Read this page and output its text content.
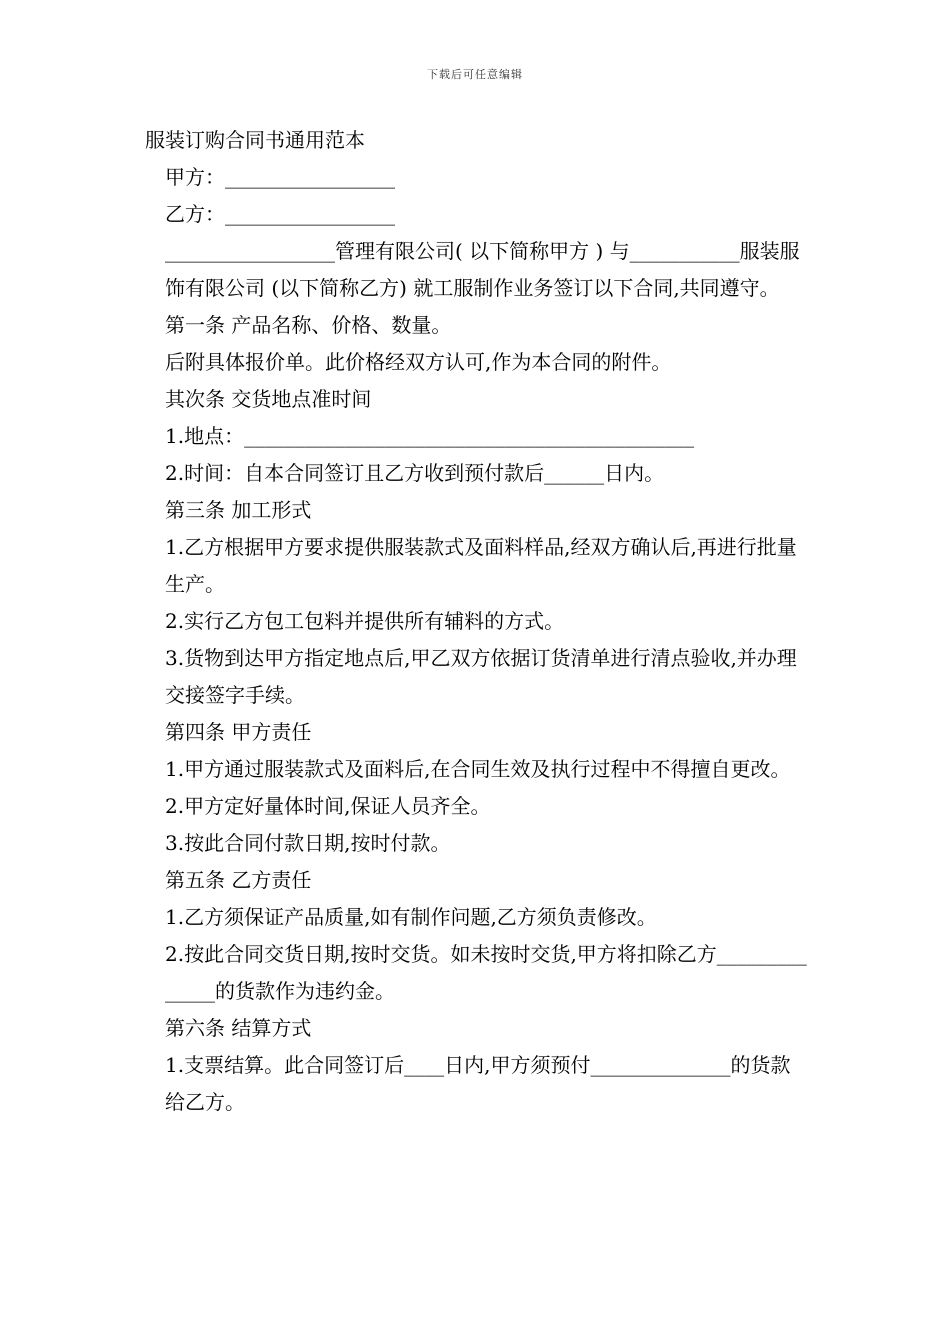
下载后可任意编辑

服装订购合同书通用范本

甲方：_________________

乙方：_________________

_________________管理有限公司( 以下简称甲方 ) 与___________服装服饰有限公司 (以下简称乙方) 就工服制作业务签订以下合同,共同遵守。

第一条 产品名称、价格、数量。

后附具体报价单。此价格经双方认可,作为本合同的附件。

其次条 交货地点准时间

1.地点：_____________________________________________

2.时间：自本合同签订且乙方收到预付款后______日内。

第三条 加工形式

1.乙方根据甲方要求提供服装款式及面料样品,经双方确认后,再进行批量生产。

2.实行乙方包工包料并提供所有辅料的方式。

3.货物到达甲方指定地点后,甲乙双方依据订货清单进行清点验收,并办理交接签字手续。

第四条 甲方责任

1.甲方通过服装款式及面料后,在合同生效及执行过程中不得擅自更改。

2.甲方定好量体时间,保证人员齐全。

3.按此合同付款日期,按时付款。

第五条 乙方责任

1.乙方须保证产品质量,如有制作问题,乙方须负责修改。

2.按此合同交货日期,按时交货。如未按时交货,甲方将扣除乙方______________的货款作为违约金。

第六条 结算方式

1.支票结算。此合同签订后____日内,甲方须预付______________的货款给乙方。
